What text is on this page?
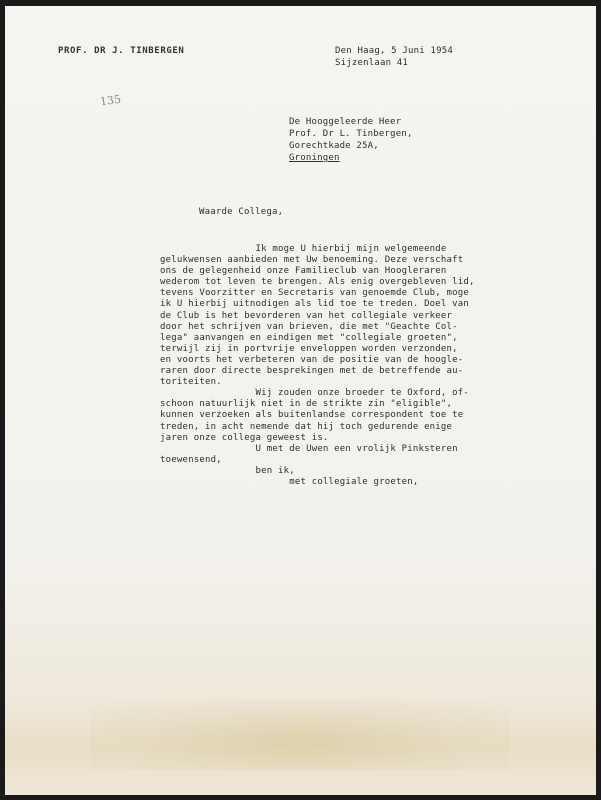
PROF. DR J. TINBERGEN	Den Haag, 5 Juni 1954

Sijzenlaan 41

135

De Hooggeleerde Heer

Prof. Dr L. Tinbergen,

Gorechtkade 25A,

Groningen

Waarde Collega,

Ik moge U hierbij mijn welgemeende
gelukwensen aanbieden met Uw benoeming. Deze verschaft
ons de gelegenheid onze Familieclub van Hoogleraren
wederom tot leven te brengen. Als enig overgebleven lid,
tevens Voorzitter en Secretaris van genoemde Club, moge
ik U hierbij uitnodigen als lid toe te treden. Doel van
de Club is het bevorderen van het collegiale verkeer
door het schrijven van brieven, die met "Geachte Col-
lega" aanvangen en eindigen met "collegiale groeten",
terwijl zij in portvrije enveloppen worden verzonden,
en voorts het verbeteren van de positie van de hoogle-
raren door directe besprekingen met de betreffende au-
toriteiten.
Wij zouden onze broeder te Oxford, of-
schoon natuurlijk niet in de strikte zin "eligible",
kunnen verzoeken als buitenlandse correspondent toe te
treden, in acht nemende dat hij toch gedurende enige
jaren onze collega geweest is.
U met de Uwen een vrolijk Pinksteren
toewensend,
ben ik,
met collegiale groeten,
